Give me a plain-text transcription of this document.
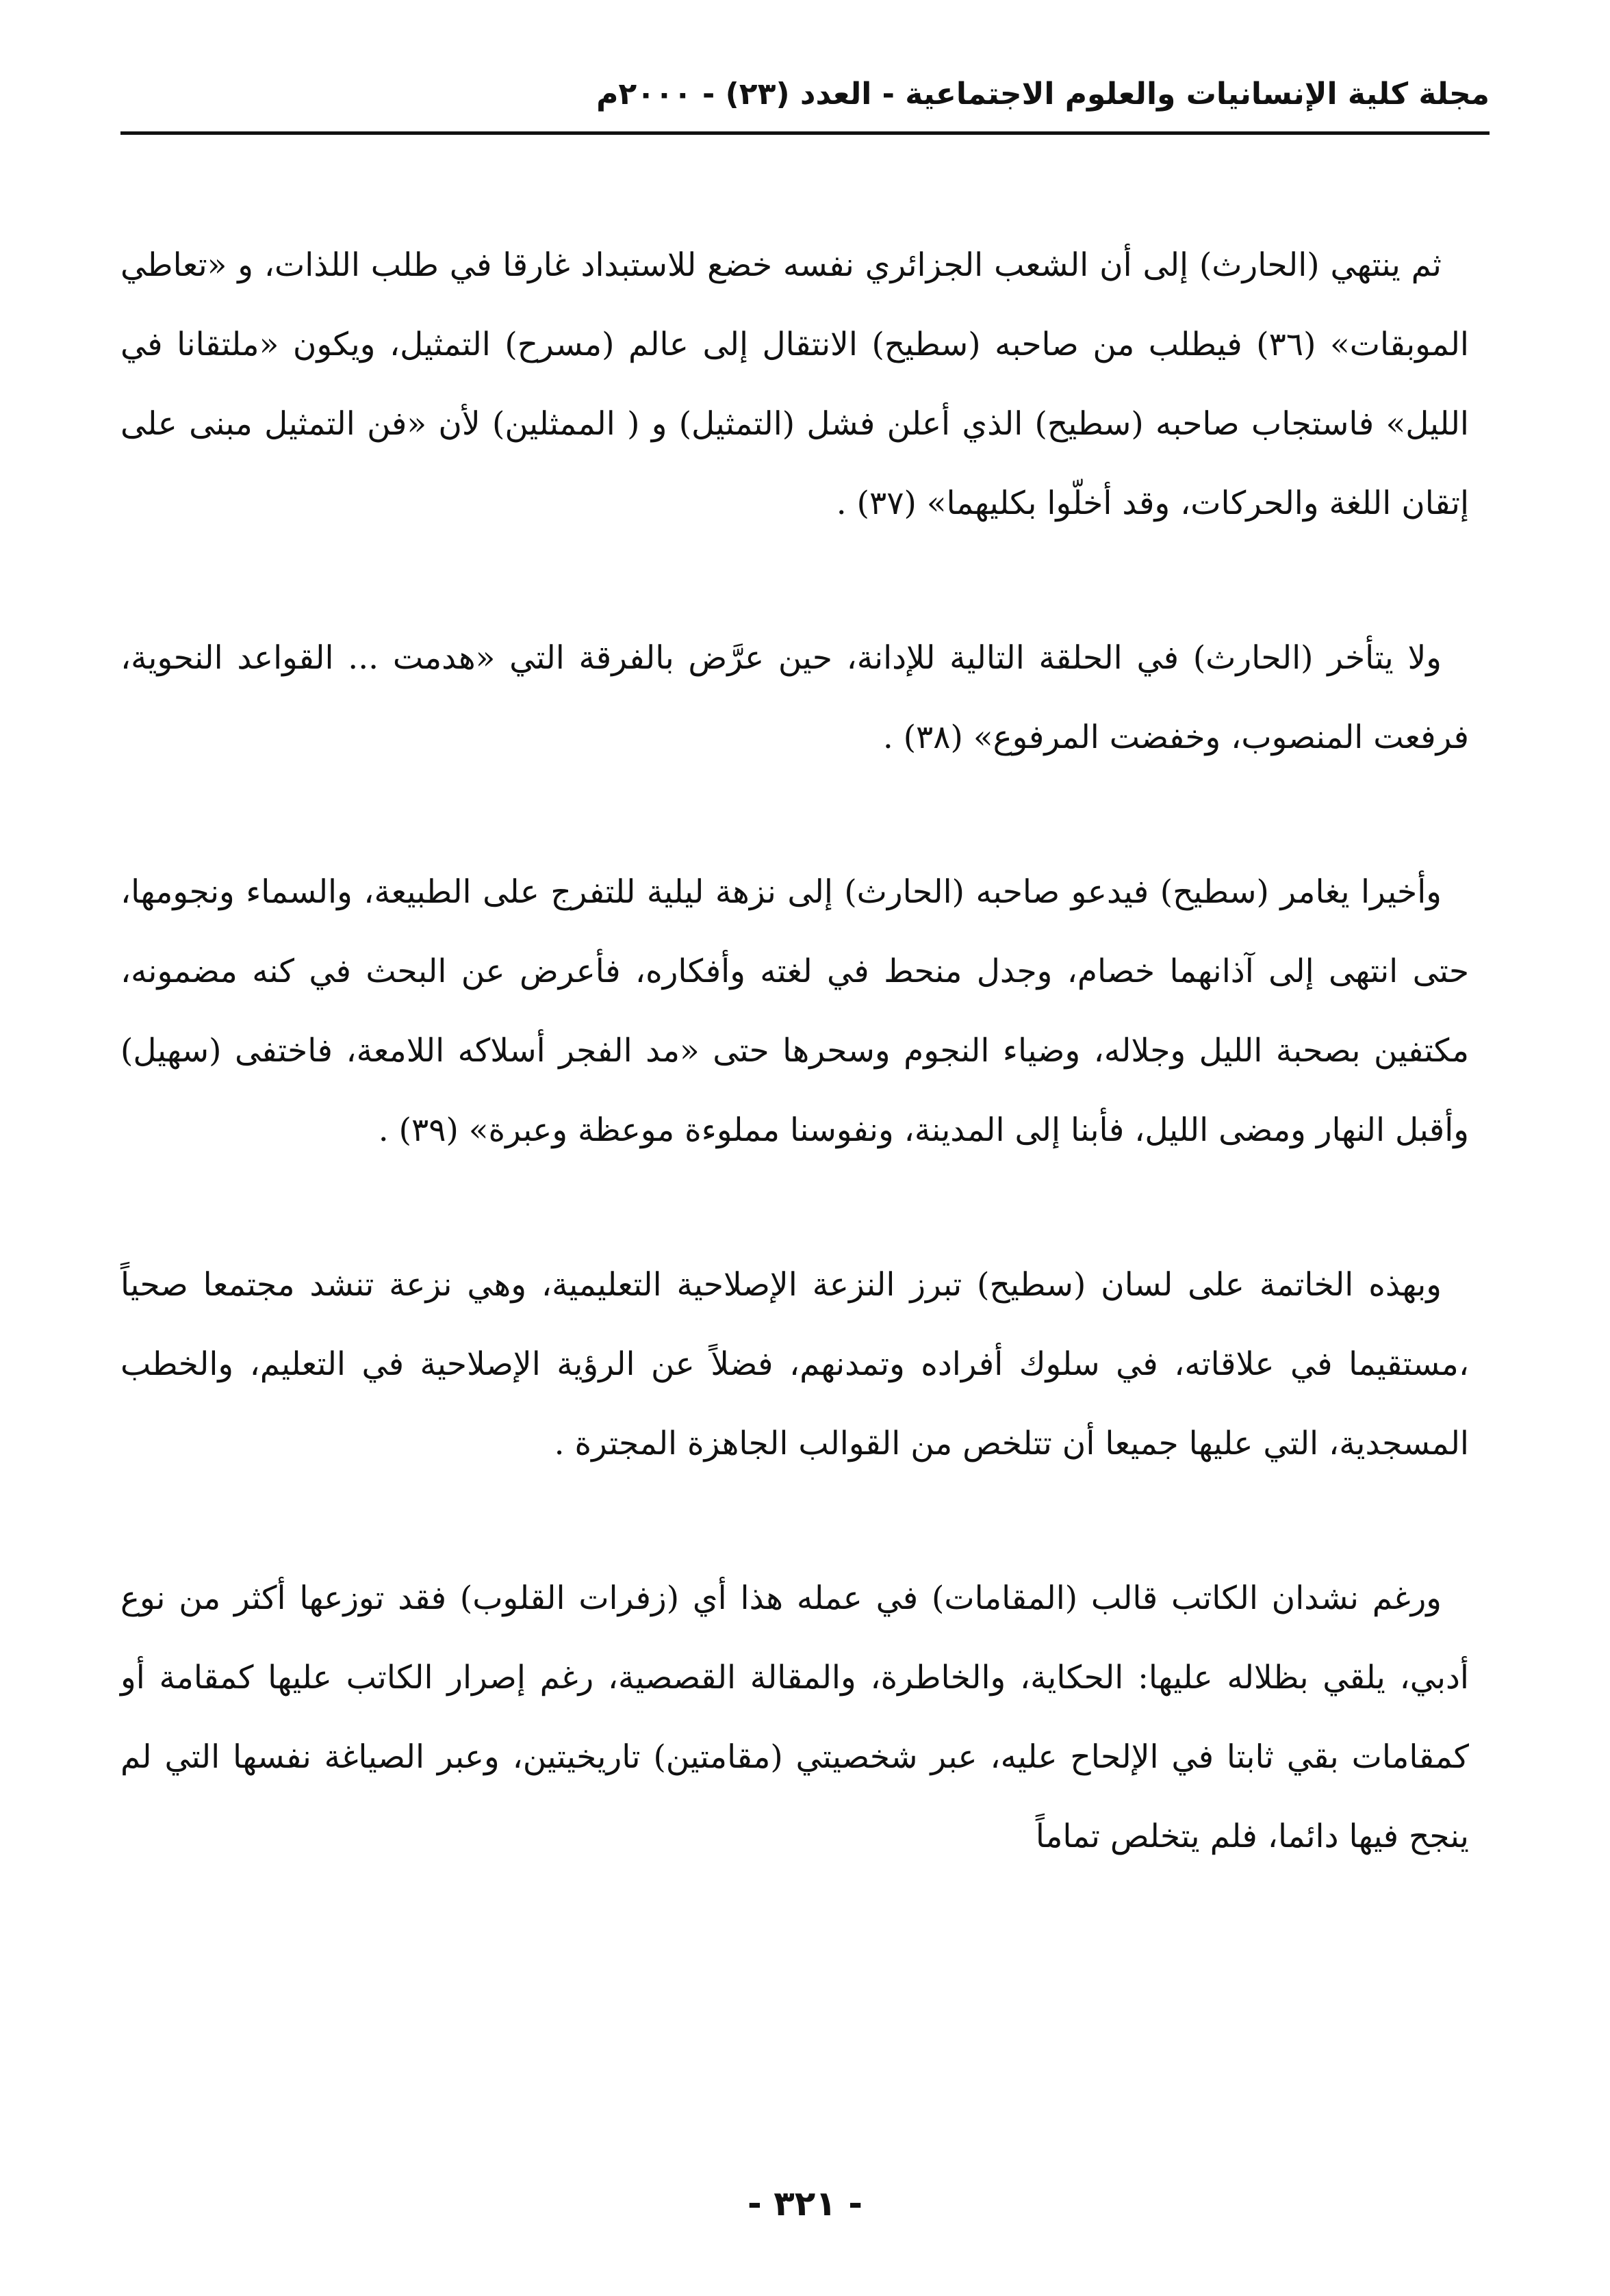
مجلة كلية الإنسانيات والعلوم الاجتماعية - العدد (٢٣) - ٢٠٠٠م

ثم ينتهي (الحارث) إلى أن الشعب الجزائري نفسه خضع للاستبداد غارقا في طلب اللذات، و «تعاطي الموبقات» (٣٦) فيطلب من صاحبه (سطيح) الانتقال إلى عالم (مسرح) التمثيل، ويكون «ملتقانا في الليل» فاستجاب صاحبه (سطيح) الذي أعلن فشل (التمثيل) و ( الممثلين) لأن «فن التمثيل مبنى على إتقان اللغة والحركات، وقد أخلّوا بكليهما» (٣٧) .

ولا يتأخر (الحارث) في الحلقة التالية للإدانة، حين عرَّض بالفرقة التي «هدمت ... القواعد النحوية، فرفعت المنصوب، وخفضت المرفوع» (٣٨) .

وأخيرا يغامر (سطيح) فيدعو صاحبه (الحارث) إلى نزهة ليلية للتفرج على الطبيعة، والسماء ونجومها، حتى انتهى إلى آذانهما خصام، وجدل منحط في لغته وأفكاره، فأعرض عن البحث في كنه مضمونه، مكتفين بصحبة الليل وجلاله، وضياء النجوم وسحرها حتى «مد الفجر أسلاكه اللامعة، فاختفى (سهيل) وأقبل النهار ومضى الليل، فأبنا إلى المدينة، ونفوسنا مملوءة موعظة وعبرة» (٣٩) .

وبهذه الخاتمة على لسان (سطيح) تبرز النزعة الإصلاحية التعليمية، وهي نزعة تنشد مجتمعا صحياً ،مستقيما في علاقاته، في سلوك أفراده وتمدنهم، فضلاً عن الرؤية الإصلاحية في التعليم، والخطب المسجدية، التي عليها جميعا أن تتلخص من القوالب الجاهزة المجترة .

ورغم نشدان الكاتب قالب (المقامات) في عمله هذا أي (زفرات القلوب) فقد توزعها أكثر من نوع أدبي، يلقي بظلاله عليها: الحكاية، والخاطرة، والمقالة القصصية، رغم إصرار الكاتب عليها كمقامة أو كمقامات بقي ثابتا في الإلحاح عليه، عبر شخصيتي (مقامتين) تاريخيتين، وعبر الصياغة نفسها التي لم ينجح فيها دائما، فلم يتخلص تماماً

- ٣٢١ -
